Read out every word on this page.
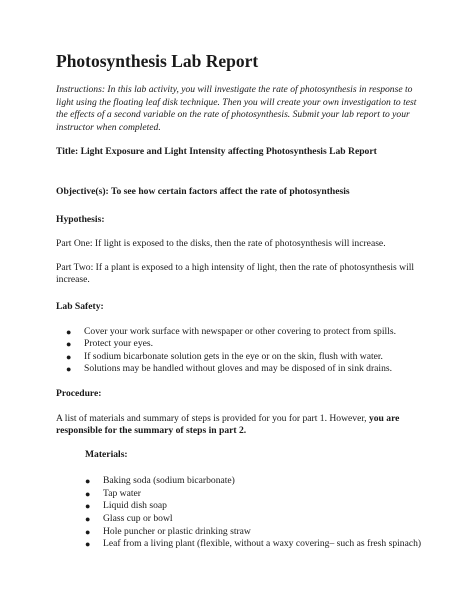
Photosynthesis Lab Report
Instructions: In this lab activity, you will investigate the rate of photosynthesis in response to light using the floating leaf disk technique. Then you will create your own investigation to test the effects of a second variable on the rate of photosynthesis. Submit your lab report to your instructor when completed.
Title: Light Exposure and Light Intensity affecting Photosynthesis Lab Report
Objective(s): To see how certain factors affect the rate of photosynthesis
Hypothesis:
Part One: If light is exposed to the disks, then the rate of photosynthesis will increase.
Part Two: If a plant is exposed to a high intensity of light, then the rate of photosynthesis will increase.
Lab Safety:
● Cover your work surface with newspaper or other covering to protect from spills.
● Protect your eyes.
● If sodium bicarbonate solution gets in the eye or on the skin, flush with water.
● Solutions may be handled without gloves and may be disposed of in sink drains.
Procedure:
A list of materials and summary of steps is provided for you for part 1. However, you are responsible for the summary of steps in part 2.
Materials:
● Baking soda (sodium bicarbonate)
● Tap water
● Liquid dish soap
● Glass cup or bowl
● Hole puncher or plastic drinking straw
● Leaf from a living plant (flexible, without a waxy covering– such as fresh spinach)
